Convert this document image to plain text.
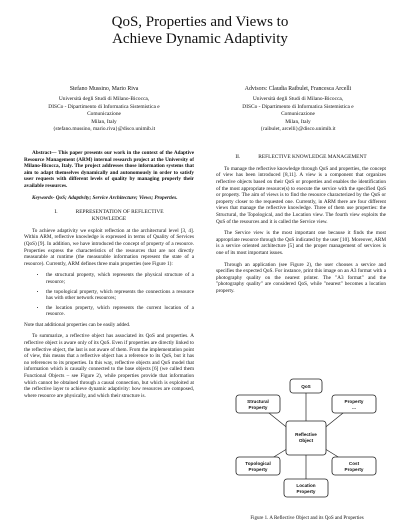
QoS, Properties and Views to
Achieve Dynamic Adaptivity
Stefano Mussino, Mario Riva
Università degli Studi di Milano-Bicocca,
DISCo - Dipartimento di Informatica Sistemistica e
Comunicazione
Milan, Italy
{stefano.mussino, mario.riva}@disco.unimib.it
Advisors: Claudia Raibulet, Francesca Arcelli
Università degli Studi di Milano-Bicocca,
DISCo - Dipartimento di Informatica Sistemistica e
Comunicazione
Milan, Italy
{raibulet, arcelli}@disco.unimib.it

Abstract— This paper presents our work in the context of the Adaptive Resource Management (ARM) internal research project at the University of Milano-Bicocca, Italy. The project addresses those information systems that aim to adapt themselves dynamically and autonomously in order to satisfy user requests with different levels of quality by managing properly their available resources.

Keywords- QoS; Adaptivity; Service Architecture; Views; Properties.

I.	REPRESENTATION OF REFLECTIVE
KNOWLEDGE

To achieve adaptivity we exploit reflection at the architectural level [3, 4]. Within ARM, reflective knowledge is expressed in terms of Quality of Services (QoS) [9]. In addition, we have introduced the concept of property of a resource. Properties express the characteristics of the resources that are not directly measurable at runtime (the measurable information represent the state of a resource). Currently, ARM defines three main properties (see Figure 1):

• the structural property, which represents the physical structure of a resource;
• the topological property, which represents the connections a resource has with other network resources;
• the location property, which represents the current location of a resource.

Note that additional properties can be easily added.

To summarize, a reflective object has associated its QoS and properties. A reflective object is aware only of its QoS. Even if properties are directly linked to the reflective object, the last is not aware of them. From the implementation point of view, this means that a reflective object has a reference to its QoS, but it has no references to its properties. In this way, reflective objects and QoS model that information which is causally connected to the base objects [6] (we called them Functional Objects – see Figure 2), while properties provide that information which cannot be obtained through a causal connection, but which is exploited at the reflective layer to achieve dynamic adaptivity: how resources are composed, where resource are physically, and which their structure is.

II.	REFLECTIVE KNOWLEDGE MANAGEMENT

To manage the reflective knowledge through QoS and properties, the concept of view has been introduced [8,11]. A view is a component that organizes reflective objects based on their QoS or properties and enables the identification of the most appropriate resource(s) to execute the service with the specified QoS or property. The aim of views is to find the resource characterized by the QoS or property closer to the requested one. Currently, in ARM there are four different views that manage the reflective knowledge. Three of them use properties: the Structural, the Topological, and the Location view. The fourth view exploits the QoS of the resources and it is called the Service view.

The Service view is the most important one because it finds the most appropriate resource through the QoS indicated by the user [10]. Moreover, ARM is a service oriented architecture [5] and the proper management of services is one of its most important issues.

Through an application (see Figure 2), the user chooses a service and specifies the expected QoS. For instance, print this image on an A3 format with a photography quality on the nearest printer. The "A3 format" and the "photography quality" are considered QoS, while "nearest" becomes a location property.

QoS
Structural
Property
Property
...
Reflective
Object
Topological
Property
Cost
Property
Location
Property
Figure 1. A Reflective Object and its QoS and Properties
